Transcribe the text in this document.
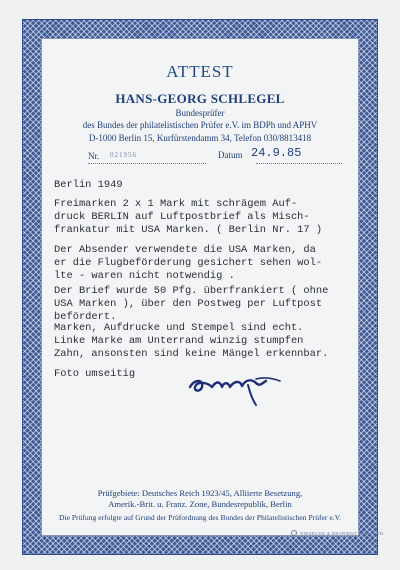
ATTEST
HANS-GEORG SCHLEGEL
Bundesprüfer
des Bundes der philatelistischen Prüfer e.V. im BDPh und APHV
D-1000 Berlin 15, Kurfürstendamm 34, Telefon 030/8813418
Nr. 021956	Datum 24.9.85
Berlin 1949
Freimarken 2 x 1 Mark mit schrägem Auf-
druck BERLIN auf Luftpostbrief als Misch-
frankatur mit USA Marken. ( Berlin Nr. 17 )
Der Absender verwendete die USA Marken, da
er die Flugbeförderung gesichert sehen wol-
lte - waren nicht notwendig .
Der Brief wurde 50 Pfg. überfrankiert ( ohne
USA Marken ), über den Postweg per Luftpost
befördert.
Marken, Aufdrucke und Stempel sind echt.
Linke Marke am Unterrand winzig stumpfen
Zahn, ansonsten sind keine Mängel erkennbar.
Foto umseitig
Prüfgebiete: Deutsches Reich 1923/45, Alliierte Besetzung,
Amerik.-Brit. u. Franz. Zone, Bundesrepublik, Berlin
Die Prüfung erfolgte auf Grund der Prüfordnung des Bundes der Philatelistischen Prüfer e.V.
GIESECKE & DEVRIENT MÜNCHEN
